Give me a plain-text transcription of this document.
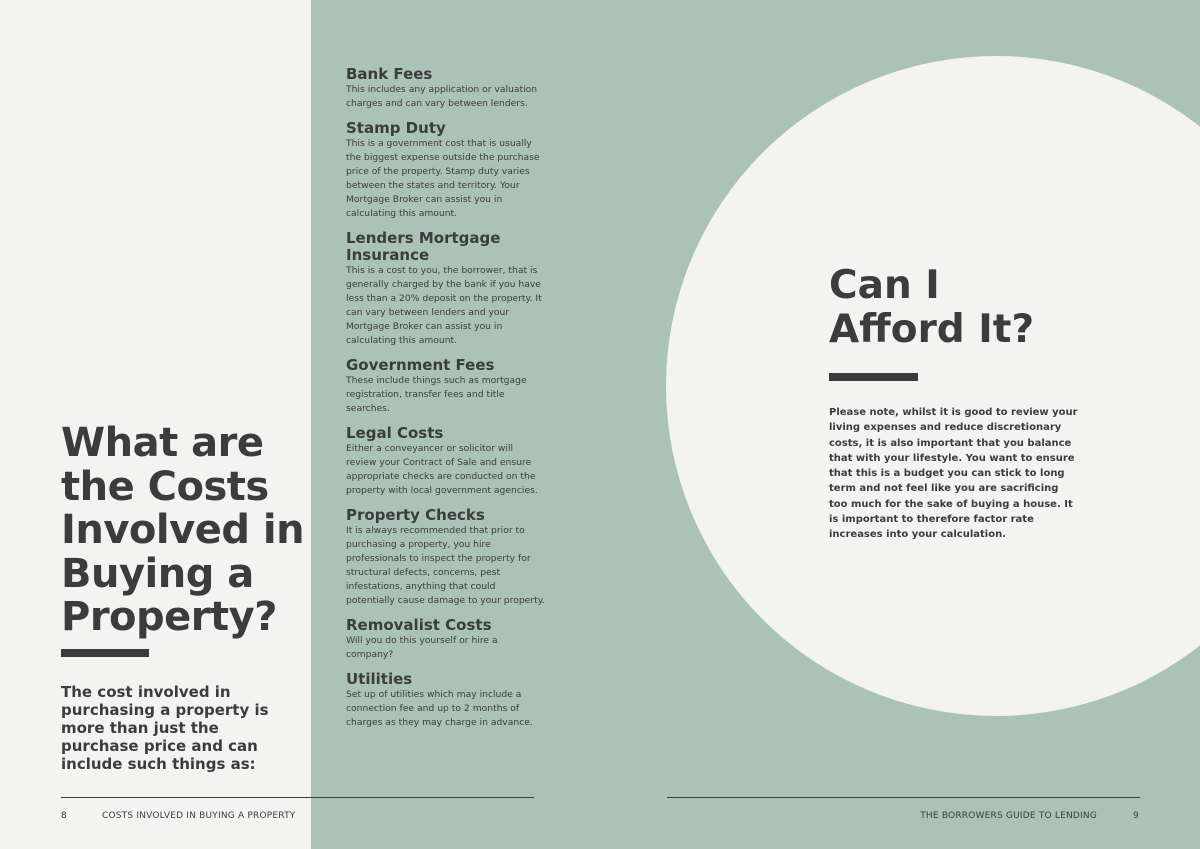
What are the Costs Involved in Buying a Property?

The cost involved in purchasing a property is more than just the purchase price and can include such things as:

Bank Fees

This includes any application or valuation charges and can vary between lenders.

Stamp Duty

This is a government cost that is usually the biggest expense outside the purchase price of the property. Stamp duty varies between the states and territory. Your Mortgage Broker can assist you in calculating this amount.

Lenders Mortgage Insurance

This is a cost to you, the borrower, that is generally charged by the bank if you have less than a 20% deposit on the property. It can vary between lenders and your Mortgage Broker can assist you in calculating this amount.

Government Fees

These include things such as mortgage registration, transfer fees and title searches.

Legal Costs

Either a conveyancer or solicitor will review your Contract of Sale and ensure appropriate checks are conducted on the property with local government agencies.

Property Checks

It is always recommended that prior to purchasing a property, you hire professionals to inspect the property for structural defects, concerns, pest infestations, anything that could potentially cause damage to your property.

Removalist Costs

Will you do this yourself or hire a company?

Utilities

Set up of utilities which may include a connection fee and up to 2 months of charges as they may charge in advance.

Can I Afford It?

Please note, whilst it is good to review your living expenses and reduce discretionary costs, it is also important that you balance that with your lifestyle. You want to ensure that this is a budget you can stick to long term and not feel like you are sacrificing too much for the sake of buying a house. It is important to therefore factor rate increases into your calculation.

8	COSTS INVOLVED IN BUYING A PROPERTY	THE BORROWERS GUIDE TO LENDING	9
